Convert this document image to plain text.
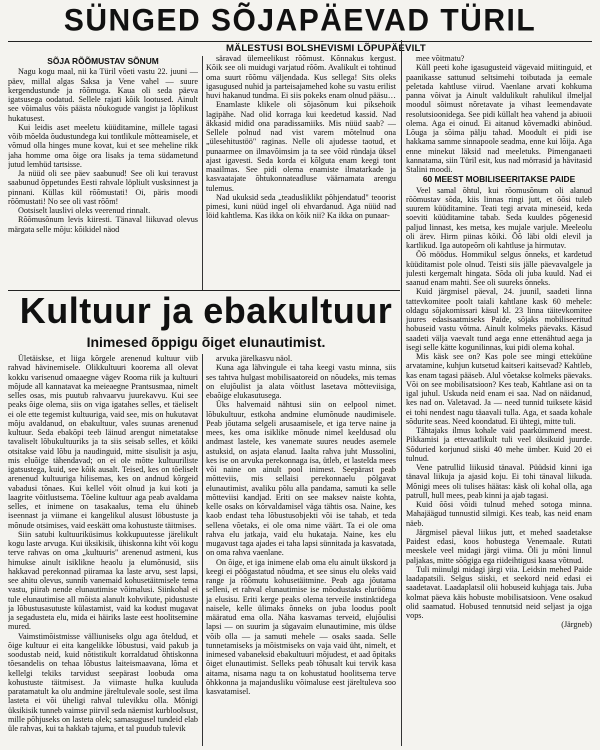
SÜNGED SÕJAPÄEVAD TÜRIL
MÄLESTUSI BOLSHEVISMI LÕPUPÄEVILT

SÕJA RÕÕMUSTAV SÕNUM

Nagu kogu maal, nii ka Türil võeti vastu 22. juuni — päev, millal algas Saksa ja Vene vahel — suure kergendustunde ja rõõmuga. Kaua oli seda päeva igatsusega oodatud. Sellele rajati kõik lootused. Ainult see võimalus võis päästa nõukogude vangist ja lõplikust hukatusest.

Kui leidis aset meeletu küüditamine, millele tagasi võib mõelda õudustundega kui tontlikule mõtteamisele, et võmud olla hinges mune kovat, kui et see meheline rikk jaha homme oma õige ora lisaks ja tema südametund jutud lemhüd tartsisse.

Ja nüüd oli see päev saabunud! See oli kui teravust saabunud õppetundes Eesti rahvale löpliult vusksinnest ja pinnani. Küllas kül rõõmustati! Oi, päris moodi rõõmustati! No see oli vast rõõm!

Ootsiselt lauslivi oleks veerenud rinnalt.

Rõõmusõnum levis kiiresti. Tänaval liikuvad olevus märgata selle mõju: kõikidel näod

säravad ülemeelikust rõõmust. Kõnnakus kergust. Kõik see oli muidugi varjatud rõõm. Avalikult ei tohtinud oma suurt rõõmu väljendada. Kus sellega! Sits oleks igasugused nuhid ja parteisajamehed kohe su vastu erilist huvi hakanud tundma. Ei siis pokeks enam olnud pääsu…

Enamlaste klikele oli sõjasõnum kui piksehoik lagipähe. Nad olid korraga kui keedetud kassid. Nad äkkasid midid ona paradissamiiks. Mis nüüd saab? — Sellele polnud nad vist varem mõtelnud ona „ülesehitustöö" raginas. Nelle oli ajudesse taotud, et punaarmee on ilmavõimsim ja ta see võid ründaja üksel ajast igavesti. Seda korda ei kõlguta enam keegi tont maailmas. See pidi olema enamiste ilmatarkade ja kasvaatajate õhtukonnateadluse väärnamata arengu tulemus.

Nad ukuksid seda „teadusliklikt põhjendatud" teoorist pimesi, kuni nüüd ingel oli ehvardanud. Aga nüüd nad löid kahtlema. Kas ikka on kõik nii? Ka ikka on punaar-

mee võitmatu?

Küll peeti kohe igasugusteid vägevaid miitinguid, et paanikasse sattunud seltsimehi toibutada ja eemale peletada kahtluse viirud. Vaenlane arvati kohkuma panna võivat ja Ainult valdulikult rahulikul ilmeljal moodul sõimust nõretavate ja vihast leemendavate resolutsioonidega. See pidi küllalt hea vahend ja abiuoii olema. Aga ei oinud. Ei aitanud kõvemadki abinõud. Lõuga ja sõima pälju tahad. Moodult ei pidi ise hakkama samme sinnapoole seadma, enne kui lõija. Aga enne minekut läksid nad meeletuks. Pimenganaeti kannatama, siin Türil esit, kus nad mörrasid ja hävitasid Stalini moodi.

60 MEEST MOBILISEERITAKSE PAIDE

Veel samal õhtul, kui rõomusõnum oli alanud rõõmustav sõda, kiis linnas ringi jutt, et õõsi tuleb suurem küüditamine. Teati tegi arvata mineseid, keda soeviti küüditamine tabab. Seda kuuldes põgenesid paljud linnast, kes metsa, kes mujale varjule. Meeleolu oli ärev. Hirm piinas kõiki. Õõ läbi oldi elevil ja kartlikud. Iga autopeõrn oli kahtluse ja hirmutav.

Öõ möödus. Hommikul selgus õnneks, et kardetud küüditamist pole olnud. Teisti siis jälle päevavalgele ja julesti kergemalt hingata. Sõda oli juba kuuld. Nad ei saanud enam mahti. See oli suureks õnneks.

Kuid järgmisel päeval, 24. juunil, saadeti linna tattevkomitee poolt taiali kahtlane kask 60 mehele: oldagu sõjakomissari käsul kl. 23 linna täitevkomitee juures edasisaatmiseks Paide, sõjaks mobiliseeritud hobuseid vastu võtma. Ainult kolmeks päevaks. Käsud saadeti välja vaevalt tund aega enne ettenähtud aega ja isegi selle kätte kogunilinnas, kui pidi olema kohal.

Mis käsk see on? Kas pole see mingi etteküüne arvatamine, kuhjun kutsetud kaitseri kaitsevad? Kahtleb, kas enam tagasi pääseb. Alul võetakse kolmeks päevaks. Või on see mobilisatsioon? Kes teab, Kahtlane asi on ta igal juhul. Uskuda neid enam ei saa. Nad on näidanud, kes nad on. Valetavad. Ja — need tunnid tuiksete käsid ei tohi nendest nagu täaavali tulla. Aga, et saada kohale sõdurite seas. Need koondatud. Ei ühtegi, mitte tuli.

Tähtajaks ilmus kohale vaid paarkümmend meest. Pikkamisi ja ettevaatlikult tuli veel üksikuid juurde. Sõduried korjunud siiski 40 mehe ümber. Kuid 20 ei tulnud.

Vene patrullid liikusid tänaval. Püüdsid kinni iga tänaval liikuja ja ajasid koju. Ei tohi tänaval liikuda. Mõnigi mees oli tulises häätas: käsk oli kohal olla, aga patrull, hull mees, peab kinni ja ajab tagasi.

Kuid õõsi võidi tulnud mehed sotoga minna. Mahajäägud tunnustid silmigi. Kes teab, kas neid enam näeb.

Järgmisel päeval liikus jutt, et mehed saadetakse Paidest edasi, koos hobustega Venemaale. Rutati meeskele veel midagi järgi viima. Õli ju mõni linnul paljakas, mitte sõõgiga ega riideihtigusi kaasa võtnud.

Tuli miinulgi midagi järgi viia. Leidsin mehed Paide laadapatsili. Selgus siiski, et seekord neid edasi ei saadetavat. Laadaplatsil olii hobuseid kuhjaga tais. Juba kolmat päeva käis hobuste mobilisatsioon. Vene osakud olid saamatud. Hobused tennutsid neid seljast ja ojga vops.

(Järgneb)

Kultuur ja ebakultuur
Inimesed õppigu õiget elunautimist.

Ületäiskse, et liiga kõrgele arenenud kultuur viib rahvad hävinemisele. Olikkultuuri koorema all olevat kokku varisenud omaaegne vägev Rooma riik ja kultuuri mõjude all kannatavat ka meieaegne Prantsusmaa, nimelt selles osas, mis puutub rahvaarvu juurekavvu. Kui see peaks õige olema, siis on viga igatahes selles, et täeliselt ei ole ette tegemist kultuuriga, vaid see, mis on hukutavat mõju avaldanud, on ebakultuur, vales suunas arenenud kultuur. Seda ebakõpi teeb läinud arengut nimetatakse tavaliselt lõbukultuuriks ja ta siis seisab selles, et kõiki otsitakse vaid lõbu ja naudinguid, mitte sisulisit ja asju, mis eluõige tähendavad; on ei ole mõtte kultuuriliste igatsustega, kuid, see kõik ausalt. Teised, kes on tõeliselt arenenud kultuuriga hilisemas, kes on andnud kõrgeid vabadusi tõnaes. Kui kellel võit olnud ja kui koti ja laagrite võitlustsema. Tõeline kultuur aga peab avaldama selles, et inimene on tasakaalus, tema elu ühineb iseennast ja viimane ei kangelikul alusust löbustuste ja mõnude otsimises, vaid eeskätt oma kohustuste täitmises.

Siin satubi kultuuriküsimus kokkupuutesse järelikult kogu laste arvuga. Kui üksikisik, ühiskonna kiht või kogu terve rahvas on oma „kultuuris" arenenud astmeni, kus himukse ainult isiklikne heaolu ja elumõnusid, siis hakkavad perekonnad piiramaa ka laste arvu, sest lapsi, see ahitu olevus, sunnib vanemaid kohusetäitmisele tema vastu, piirab nende elunautimise võimalusi. Siinkohal ei tule elunautimise all mõista alanult kohvikute, pidustuste ja lõbustusasutuste külastamist, vaid ka kodust mugavat ja segadusteta elu, mida ei häiriks laste eest hoolitsemine mured.

Vaimstimõistmisse välliuniseks olgu aga õteldud, et õige kultuur ei eita kangelikke lõbustusi, vaid pakub ja soodustab neid, kuid nõtistikult korraldatud õhtiskonna tõesandelis on tehaa lõbustus laiteismaavana, lõma et kellelgi tekiks tarvidust seepärast loobuda oma kohustuste täitmisest. Ja viimaste hulka kuuluda paratamatult ka olu andmine järeltulevale soole, sest ilma lasteta ei või üheligi rahval tulevikku olla. Mõnigi üksikisik tunneb vaimse piirvil seda näemist kurbloolsust, mille põhjuseks on lasteta olek; samasugusel tundeid elab üle rahvas, kui ta hakkab tajuma, et tal puudub tulevik

arvuka järelkasvu näol.

Kuna aga lähvingule ei taha keegi vastu minna, siis ses tahtva hulgast mobilisaatoreid on nõudeks, mis temas on elujõulist ja alata võitlust lasetava mõtteviisiga, ebaõige elukasutusega.

Üks halvemaid nähtusi siin on eelpool nimet. lõbukultuur, estkoha andmine elumõnude naudimisele. Peab jõutama selgeli arusaamisele, et iga terve naine ja mees, kes oma isiklike mõnude nimel keeldusad olu andmast lastele, kes vanemate suures neudes asemele astuksid, on asjata elanud. Iaalta rahva juht Mussolini, kes ise on arvuka perekonnaga isa, ütleb, et lastelda mees või naine on ainult pool inimest. Seepärast peab mõtteviis, mis sellaisi perekonnaelu põlgavat elunautimist, avaliku põlu alla pandama, samuti ka selle mõtteviisi kandjad. Eriti on see maksev naiste kohta, kelle osaks on kõrvaldamisel väga tähtis osa. Naine, kes kaob endast teha lõbustusobjekti või ise tahab, et teda sellena võetaks, ei ole oma nime väärt. Ta ei ole oma rahva elu jatkaja, vaid elu hukataja. Naine, kes elu mugavust taga ajades ei taha lapsi sünnitada ja kasvatada, on oma rahva vaenlane.

On õige, et iga inimene elab oma elu ainult ükskord ja keegi ei pöõgastatud nõudma, et see sinus elu oleks vaid range ja rõõmutu kohusetäitmine. Peab aga jõutama selleni, et rahval elunautimise ise mõodustaks eluröõmu ja elusisu. Eriti kerge peaks olema terveile instinktidega naisele, kelle ülimaks õnneks on juba loodus poolt määratud ema olla. Näha kasvamas terveid, elujõulisi lapsi — on suurim ja sügavaim elunautimine, mis üldse võib olla — ja samuti mehele — osaks saada. Selle tunnetamiseks ja mõistmiseks on vaja vaid üht, nimelt, et inimesed vabaneksid ebakultuuri mõjudest, et aad õpitaks õiget elunautimist. Selleks peab tõhusalt kui tervik kasa aitama, nisama nagu ta on kohustatud hoolitsema terve õhkkonna ja majandusliku võimaluse eest järeltulevа soo kasvatamisel.
